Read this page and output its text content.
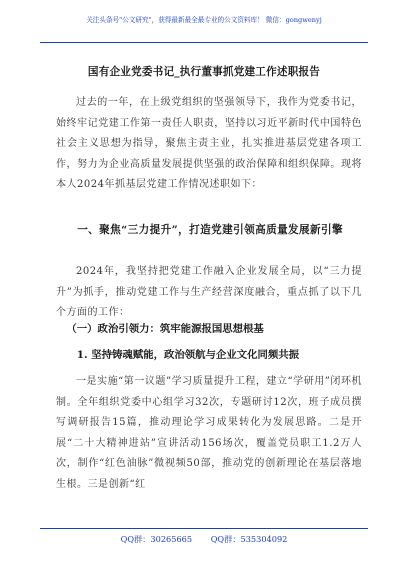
关注头条号"公文研究"，获得最新最全最专业的公文资料库！ 微信：gongwenyj
国有企业党委书记_执行董事抓党建工作述职报告
过去的一年，在上级党组织的坚强领导下，我作为党委书记，始终牢记党建工作第一责任人职责，坚持以习近平新时代中国特色社会主义思想为指导，聚焦主责主业，扎实推进基层党建各项工作，努力为企业高质量发展提供坚强的政治保障和组织保障。现将本人2024年抓基层党建工作情况述职如下：
一、聚焦“三力提升”，打造党建引领高质量发展新引擎
2024年，我坚持把党建工作融入企业发展全局，以“三力提升”为抓手，推动党建工作与生产经营深度融合，重点抓了以下几个方面的工作：
（一）政治引领力：筑牢能源报国思想根基
1. 坚持铸魂赋能，政治领航与企业文化同频共振
一是实施“第一议题”学习质量提升工程，建立“学研用”闭环机制。全年组织党委中心组学习32次，专题研讨12次，班子成员撰写调研报告15篇，推动理论学习成果转化为发展思路。二是开展“二十大精神进站”宣讲活动156场次，覆盖党员职工1.2万人次，制作“红色油脉”微视频50部，推动党的创新理论在基层落地生根。三是创新“红
QQ群：30265665 QQ群：535304092
